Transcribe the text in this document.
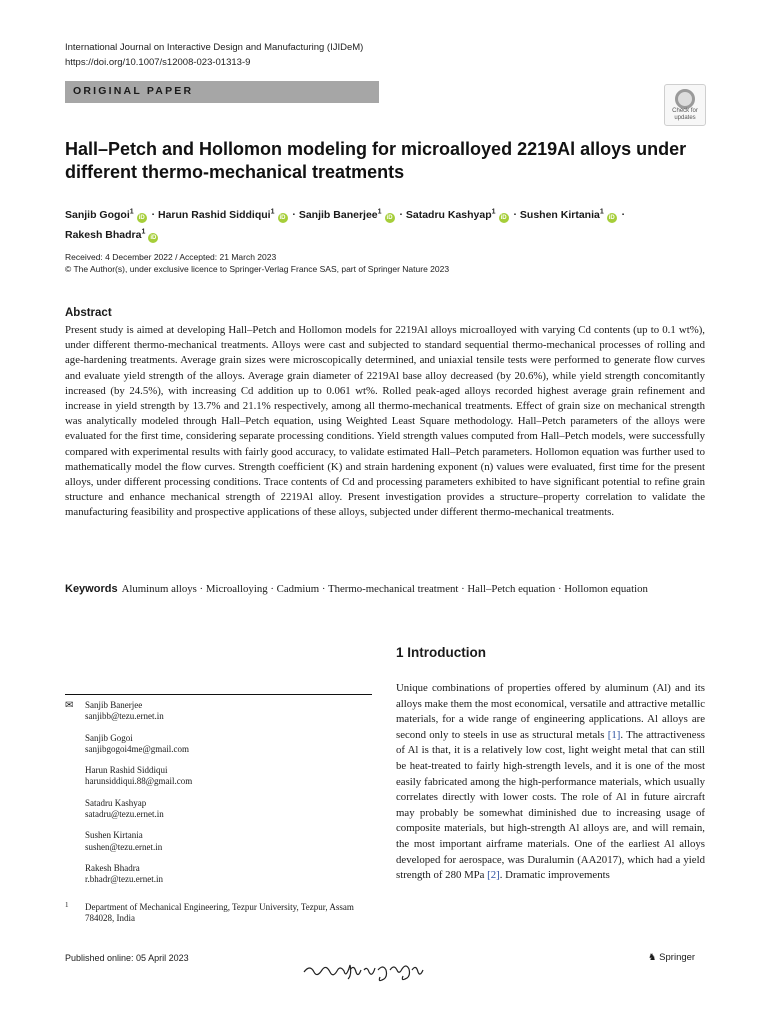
International Journal on Interactive Design and Manufacturing (IJIDeM)
https://doi.org/10.1007/s12008-023-01313-9
ORIGINAL PAPER
Check for
updates
Hall–Petch and Hollomon modeling for microalloyed 2219Al alloys under different thermo-mechanical treatments
Sanjib Gogoi$^1$iD · Harun Rashid Siddiqui$^1$iD · Sanjib Banerjee$^1$iD · Satadru Kashyap$^1$iD · Sushen Kirtania$^1$iD ·
Rakesh Bhadra$^1$iD
Received: 4 December 2022 / Accepted: 21 March 2023
© The Author(s), under exclusive licence to Springer-Verlag France SAS, part of Springer Nature 2023
Abstract
Present study is aimed at developing Hall–Petch and Hollomon models for 2219Al alloys microalloyed with varying Cd contents (up to 0.1 wt%), under different thermo-mechanical treatments. Alloys were cast and subjected to standard sequential thermo-mechanical processes of rolling and age-hardening treatments. Average grain sizes were microscopically determined, and uniaxial tensile tests were performed to generate flow curves and evaluate yield strength of the alloys. Average grain diameter of 2219Al base alloy decreased (by 20.6%), while yield strength concomitantly increased (by 24.5%), with increasing Cd addition up to 0.061 wt%. Rolled peak-aged alloys recorded highest average grain refinement and increase in yield strength by 13.7% and 21.1% respectively, among all thermo-mechanical treatments. Effect of grain size on mechanical strength was analytically modeled through Hall–Petch equation, using Weighted Least Square methodology. Hall–Petch parameters of the alloys were evaluated for the first time, considering separate processing conditions. Yield strength values computed from Hall–Petch models, were successfully compared with experimental results with fairly good accuracy, to validate estimated Hall–Petch parameters. Hollomon equation was further used to mathematically model the flow curves. Strength coefficient (K) and strain hardening exponent (n) values were evaluated, first time for the present alloys, under different processing conditions. Trace contents of Cd and processing parameters exhibited to have significant potential to refine grain structure and enhance mechanical strength of 2219Al alloy. Present investigation provides a structure–property correlation to validate the manufacturing feasibility and prospective applications of these alloys, subjected under different thermo-mechanical treatments.
Keywords Aluminum alloys · Microalloying · Cadmium · Thermo-mechanical treatment · Hall–Petch equation · Hollomon equation
1 Introduction
Unique combinations of properties offered by aluminum (Al) and its alloys make them the most economical, versatile and attractive metallic materials, for a wide range of engineering applications. Al alloys are second only to steels in use as structural metals [1]. The attractiveness of Al is that, it is a relatively low cost, light weight metal that can still be heat-treated to fairly high-strength levels, and it is one of the most easily fabricated among the high-performance materials, which usually correlates directly with lower costs. The role of Al in future aircraft may probably be somewhat diminished due to increasing usage of composite materials, but high-strength Al alloys are, and will remain, the most important airframe materials. One of the earliest Al alloys developed for aerospace, was Duralumin (AA2017), which had a yield strength of 280 MPa [2]. Dramatic improvements
✉ Sanjib Banerjee
sanjibb@tezu.ernet.in
Sanjib Gogoi
sanjibgogoi4me@gmail.com
Harun Rashid Siddiqui
harunsiddiqui.88@gmail.com
Satadru Kashyap
satadru@tezu.ernet.in
Sushen Kirtania
sushen@tezu.ernet.in
Rakesh Bhadra
r.bhadr@tezu.ernet.in
1 Department of Mechanical Engineering, Tezpur University, Tezpur, Assam 784028, India
Published online: 05 April 2023	♞ Springer
